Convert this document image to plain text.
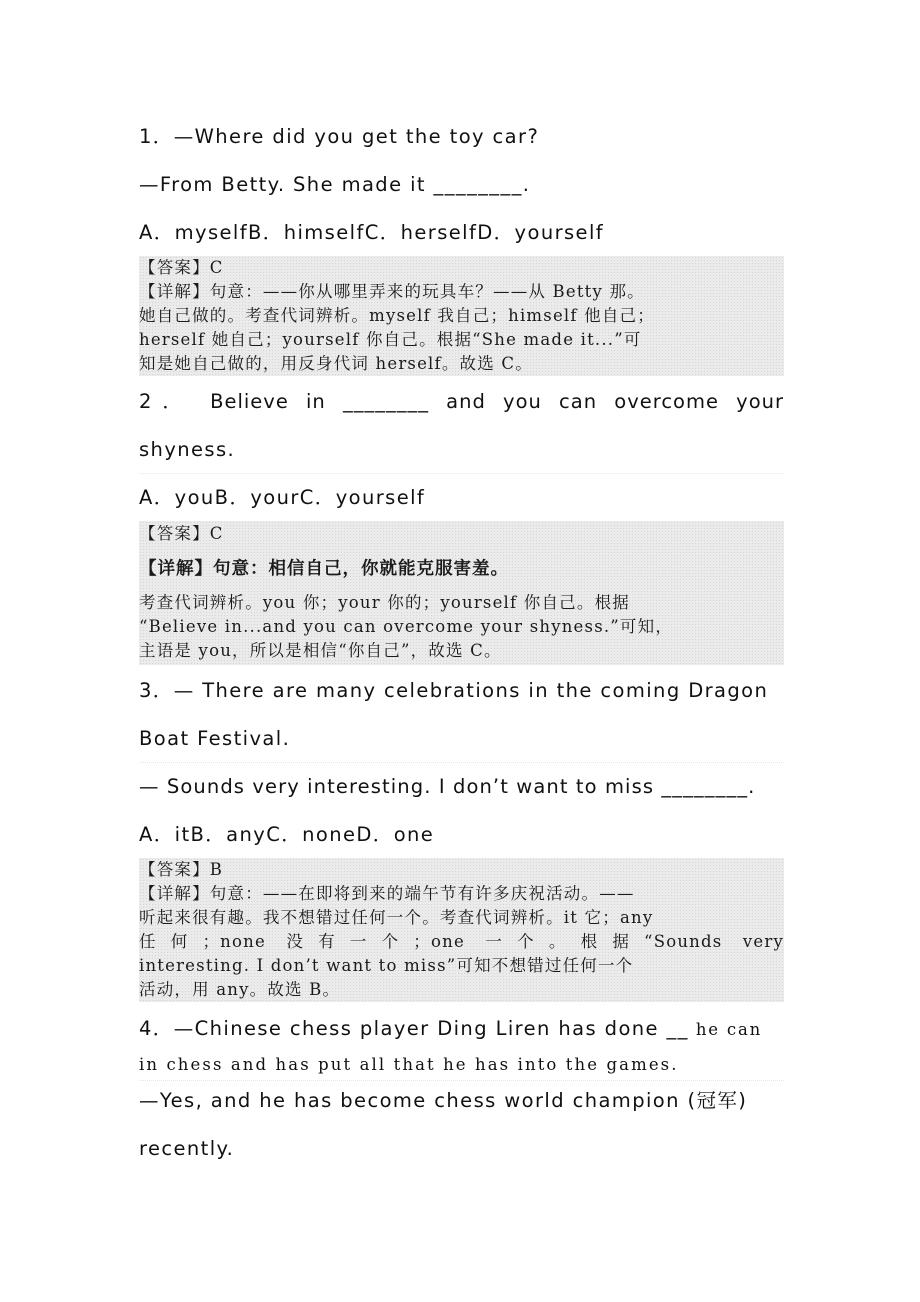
1．—Where did you get the toy car?
—From Betty. She made it ________.
A．myselfB．himselfC．herselfD．yourself
【答案】C
【详解】句意：——你从哪里弄来的玩具车？——从 Betty 那。
她自己做的。考查代词辨析。myself 我自己；himself 他自己；
herself 她自己；yourself 你自己。根据“She made it...”可
知是她自己做的，用反身代词 herself。故选 C。
2． Believe in ________ and you can overcome your
shyness.
A．youB．yourC．yourself
【答案】C
【详解】句意：相信自己，你就能克服害羞。
考查代词辨析。you 你；your 你的；yourself 你自己。根据
“Believe in...and you can overcome your shyness.”可知，
主语是 you，所以是相信“你自己”，故选 C。
3．— There are many celebrations in the coming Dragon
Boat Festival.
— Sounds very interesting. I don’t want to miss ________.
A．itB．anyC．noneD．one
【答案】B
【详解】句意：——在即将到来的端午节有许多庆祝活动。——
听起来很有趣。我不想错过任何一个。考查代词辨析。it 它；any
任何；none 没有一个；one 一个。根据“Sounds very
interesting. I don’t want to miss”可知不想错过任何一个
活动，用 any。故选 B。
4．—Chinese chess player Ding Liren has done __ he can
in chess and has put all that he has into the games.
—Yes, and he has become chess world champion (冠军)
recently.
